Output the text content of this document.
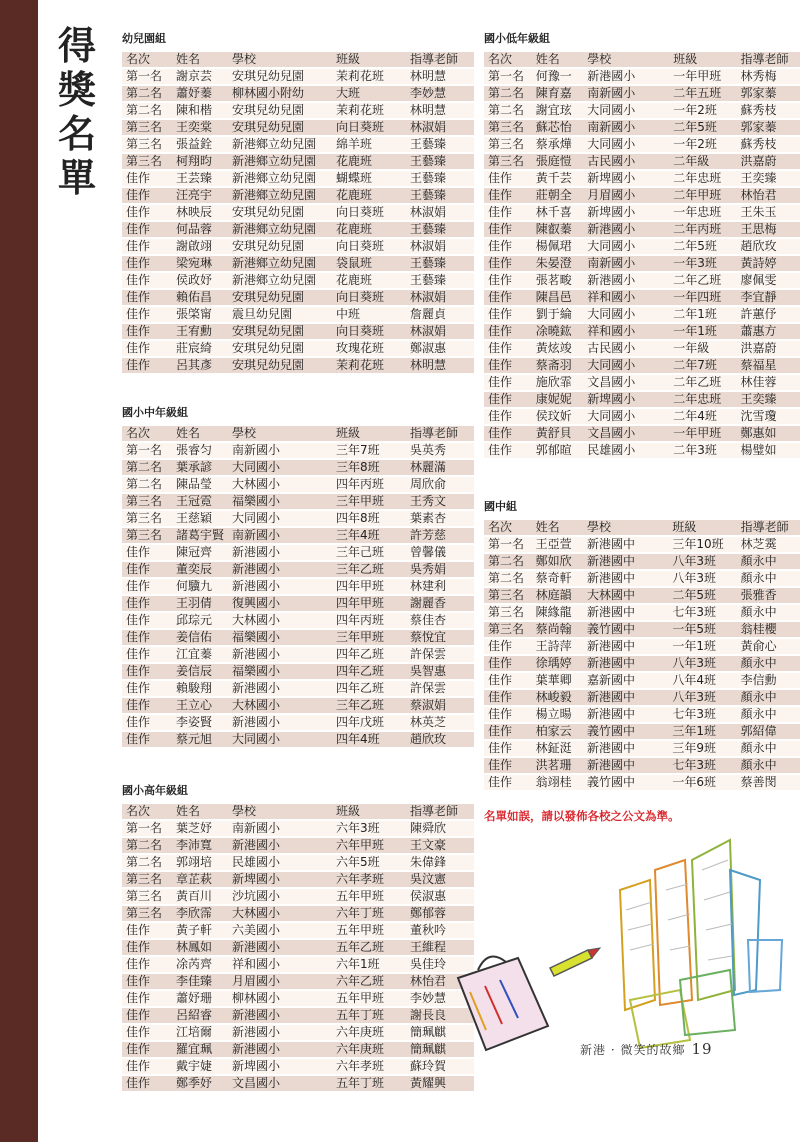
得
獎
名
單
幼兒園組
名次	姓名	學校	班級	指導老師
第一名	謝京芸	安琪兒幼兒園	茉莉花班	林明慧
第二名	蕭妤蓁	柳林國小附幼	大班	李妙慧
第二名	陳和楷	安琪兒幼兒園	茉莉花班	林明慧
第三名	王奕棠	安琪兒幼兒園	向日葵班	林淑娟
第三名	張益銓	新港鄉立幼兒園	綿羊班	王藝臻
第三名	柯翔昀	新港鄉立幼兒園	花鹿班	王藝臻
佳作	王芸臻	新港鄉立幼兒園	蝴蝶班	王藝臻
佳作	汪亮宇	新港鄉立幼兒園	花鹿班	王藝臻
佳作	林映辰	安琪兒幼兒園	向日葵班	林淑娟
佳作	何品蓉	新港鄉立幼兒園	花鹿班	王藝臻
佳作	謝啟翊	安琪兒幼兒園	向日葵班	林淑娟
佳作	梁宛琳	新港鄉立幼兒園	袋鼠班	王藝臻
佳作	侯政妤	新港鄉立幼兒園	花鹿班	王藝臻
佳作	賴佑昌	安琪兒幼兒園	向日葵班	林淑娟
佳作	張棨甯	震旦幼兒園	中班	詹麗貞
佳作	王宥勳	安琪兒幼兒園	向日葵班	林淑娟
佳作	莊宸綺	安琪兒幼兒園	玫瑰花班	鄭淑惠
佳作	呂其彥	安琪兒幼兒園	茉莉花班	林明慧
國小中年級組
名次	姓名	學校	班級	指導老師
第一名	張睿匀	南新國小	三年7班	吳英秀
第二名	葉承諺	大同國小	三年8班	林麗滿
第二名	陳品瑩	大林國小	四年丙班	周欣俞
第三名	王冠霓	福樂國小	三年甲班	王秀文
第三名	王慈穎	大同國小	四年8班	葉素杏
第三名	諸葛宇賢	南新國小	三年4班	許芳慈
佳作	陳冠齊	新港國小	三年己班	曾馨儀
佳作	董奕辰	新港國小	三年乙班	吳秀娟
佳作	何驥九	新港國小	四年甲班	林建利
佳作	王羽倩	復興國小	四年甲班	謝麗香
佳作	邱琮元	大林國小	四年丙班	蔡佳杏
佳作	姜信佑	福樂國小	三年甲班	蔡悅宜
佳作	江宜蓁	新港國小	四年乙班	許保雲
佳作	姜信辰	福樂國小	四年乙班	吳智惠
佳作	賴駿翔	新港國小	四年乙班	許保雲
佳作	王立心	大林國小	三年乙班	蔡淑娟
佳作	李姿賢	新港國小	四年戊班	林英芝
佳作	蔡元旭	大同國小	四年4班	趙欣玫
國小高年級組
名次	姓名	學校	班級	指導老師
第一名	葉芝妤	南新國小	六年3班	陳舜欣
第二名	李沛寬	新港國小	六年甲班	王文豪
第二名	郭翊培	民雄國小	六年5班	朱偉鋒
第三名	章芷萩	新埤國小	六年孝班	吳汶憲
第三名	黃百川	沙坑國小	五年甲班	侯淑惠
第三名	李欣霈	大林國小	六年丁班	鄭郁蓉
佳作	黃子軒	六美國小	五年甲班	董秋吟
佳作	林鳳如	新港國小	五年乙班	王維程
佳作	凃芮齊	祥和國小	六年1班	吳佳玲
佳作	李佳臻	月眉國小	六年乙班	林怡君
佳作	蕭妤珊	柳林國小	五年甲班	李妙慧
佳作	呂紹睿	新港國小	五年丁班	謝長良
佳作	江培爾	新港國小	六年庚班	簡珮麒
佳作	羅宜珮	新港國小	六年庚班	簡珮麒
佳作	戴宇婕	新埤國小	六年孝班	蘇玲賀
佳作	鄭季妤	文昌國小	五年丁班	黃耀興
國小低年級組
名次	姓名	學校	班級	指導老師
第一名	何豫一	新港國小	一年甲班	林秀梅
第二名	陳育嘉	南新國小	二年五班	郭家蓁
第二名	謝宜玹	大同國小	一年2班	蘇秀枝
第三名	蘇芯怡	南新國小	二年5班	郭家蓁
第三名	蔡承燁	大同國小	一年2班	蘇秀枝
第三名	張庭愷	古民國小	二年級	洪嘉蔚
佳作	黃千芸	新埤國小	二年忠班	王奕臻
佳作	莊朝全	月眉國小	二年甲班	林怡君
佳作	林千喜	新埤國小	一年忠班	王朱玉
佳作	陳叡蓁	新港國小	二年丙班	王思梅
佳作	楊佩珺	大同國小	二年5班	趙欣玫
佳作	朱晏澄	南新國小	一年3班	黃詩婷
佳作	張茗畯	新港國小	二年乙班	廖佩雯
佳作	陳昌邑	祥和國小	一年四班	李宜靜
佳作	劉于綸	大同國小	二年1班	許蕙伃
佳作	凃曉鈜	祥和國小	一年1班	蕭惠方
佳作	黃炫竣	古民國小	一年級	洪嘉蔚
佳作	蔡斋羽	大同國小	二年7班	蔡福星
佳作	施欣霏	文昌國小	二年乙班	林佳蓉
佳作	康妮妮	新埤國小	二年忠班	王奕臻
佳作	侯玟妡	大同國小	二年4班	沈雪瓊
佳作	黃舒貝	文昌國小	一年甲班	鄭惠如
佳作	郭郁暄	民雄國小	二年3班	楊璧如
國中組
名次	姓名	學校	班級	指導老師
第一名	王亞萱	新港國中	三年10班	林芝霙
第二名	鄭如欣	新港國中	八年3班	顏永中
第二名	蔡奇軒	新港國中	八年3班	顏永中
第三名	林庭韻	大林國中	二年5班	張雅香
第三名	陳緣龍	新港國中	七年3班	顏永中
第三名	蔡尚翰	義竹國中	一年5班	翁桂櫻
佳作	王詩萍	新港國中	一年1班	黃俞心
佳作	徐瑀婷	新港國中	八年3班	顏永中
佳作	葉華卿	嘉新國中	八年4班	李信勳
佳作	林峻毅	新港國中	八年3班	顏永中
佳作	楊立暘	新港國中	七年3班	顏永中
佳作	柏家云	義竹國中	三年1班	郭紹偉
佳作	林鉦涏	新港國中	三年9班	顏永中
佳作	洪茗珊	新港國中	七年3班	顏永中
佳作	翁翊桂	義竹國中	一年6班	蔡善閔
名單如誤，請以發佈各校之公文為準。
新港 · 微笑的故鄉 19
